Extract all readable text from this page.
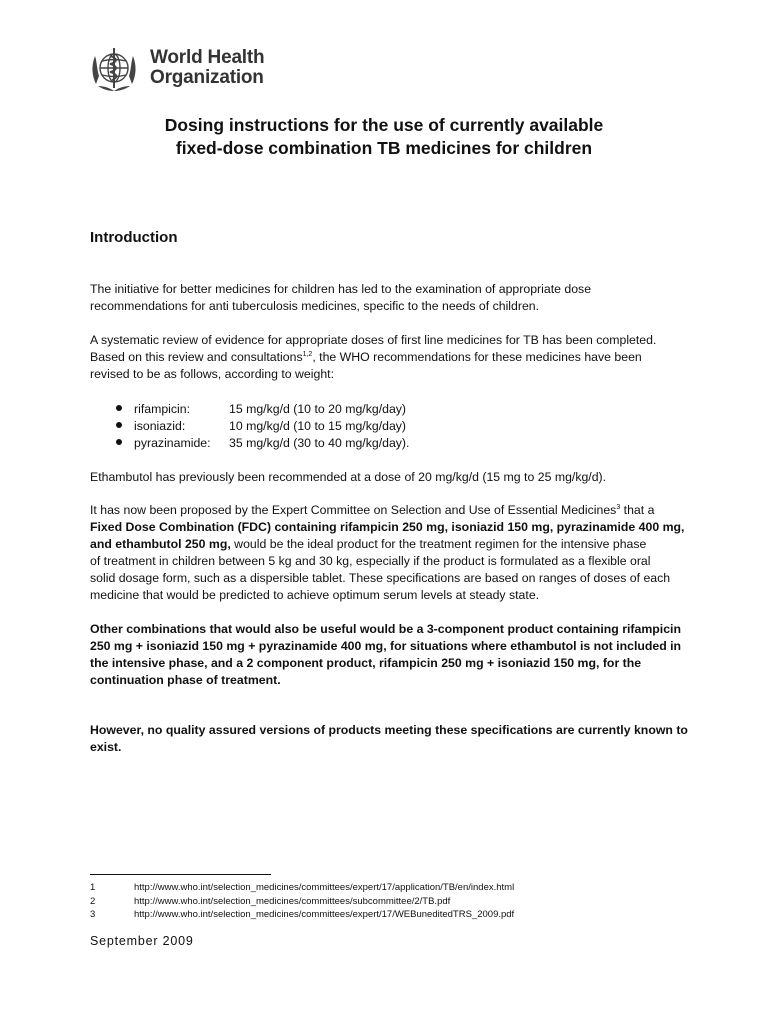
World Health
Organization
Dosing instructions for the use of currently available
fixed-dose combination TB medicines for children
Introduction

The initiative for better medicines for children has led to the examination of appropriate dose
recommendations for anti tuberculosis medicines, specific to the needs of children.

A systematic review of evidence for appropriate doses of first line medicines for TB has been completed.
Based on this review and consultations$^{1,2}$, the WHO recommendations for these medicines have been
revised to be as follows, according to weight:

rifampicin:	15 mg/kg/d (10 to 20 mg/kg/day)
isoniazid:	10 mg/kg/d (10 to 15 mg/kg/day)
pyrazinamide:	35 mg/kg/d (30 to 40 mg/kg/day).

Ethambutol has previously been recommended at a dose of 20 mg/kg/d (15 mg to 25 mg/kg/d).

It has now been proposed by the Expert Committee on Selection and Use of Essential Medicines$^3$ that a
Fixed Dose Combination (FDC) containing rifampicin 250 mg, isoniazid 150 mg, pyrazinamide 400 mg,
and ethambutol 250 mg, would be the ideal product for the treatment regimen for the intensive phase
of treatment in children between 5 kg and 30 kg, especially if the product is formulated as a flexible oral
solid dosage form, such as a dispersible tablet. These specifications are based on ranges of doses of each
medicine that would be predicted to achieve optimum serum levels at steady state.

Other combinations that would also be useful would be a 3-component product containing rifampicin
250 mg + isoniazid 150 mg + pyrazinamide 400 mg, for situations where ethambutol is not included in
the intensive phase, and a 2 component product, rifampicin 250 mg + isoniazid 150 mg, for the
continuation phase of treatment.

However, no quality assured versions of products meeting these specifications are currently known to
exist.

1	http://www.who.int/selection_medicines/committees/expert/17/application/TB/en/index.html
2	http://www.who.int/selection_medicines/committees/subcommittee/2/TB.pdf
3	http://www.who.int/selection_medicines/committees/expert/17/WEBuneditedTRS_2009.pdf
September 2009
